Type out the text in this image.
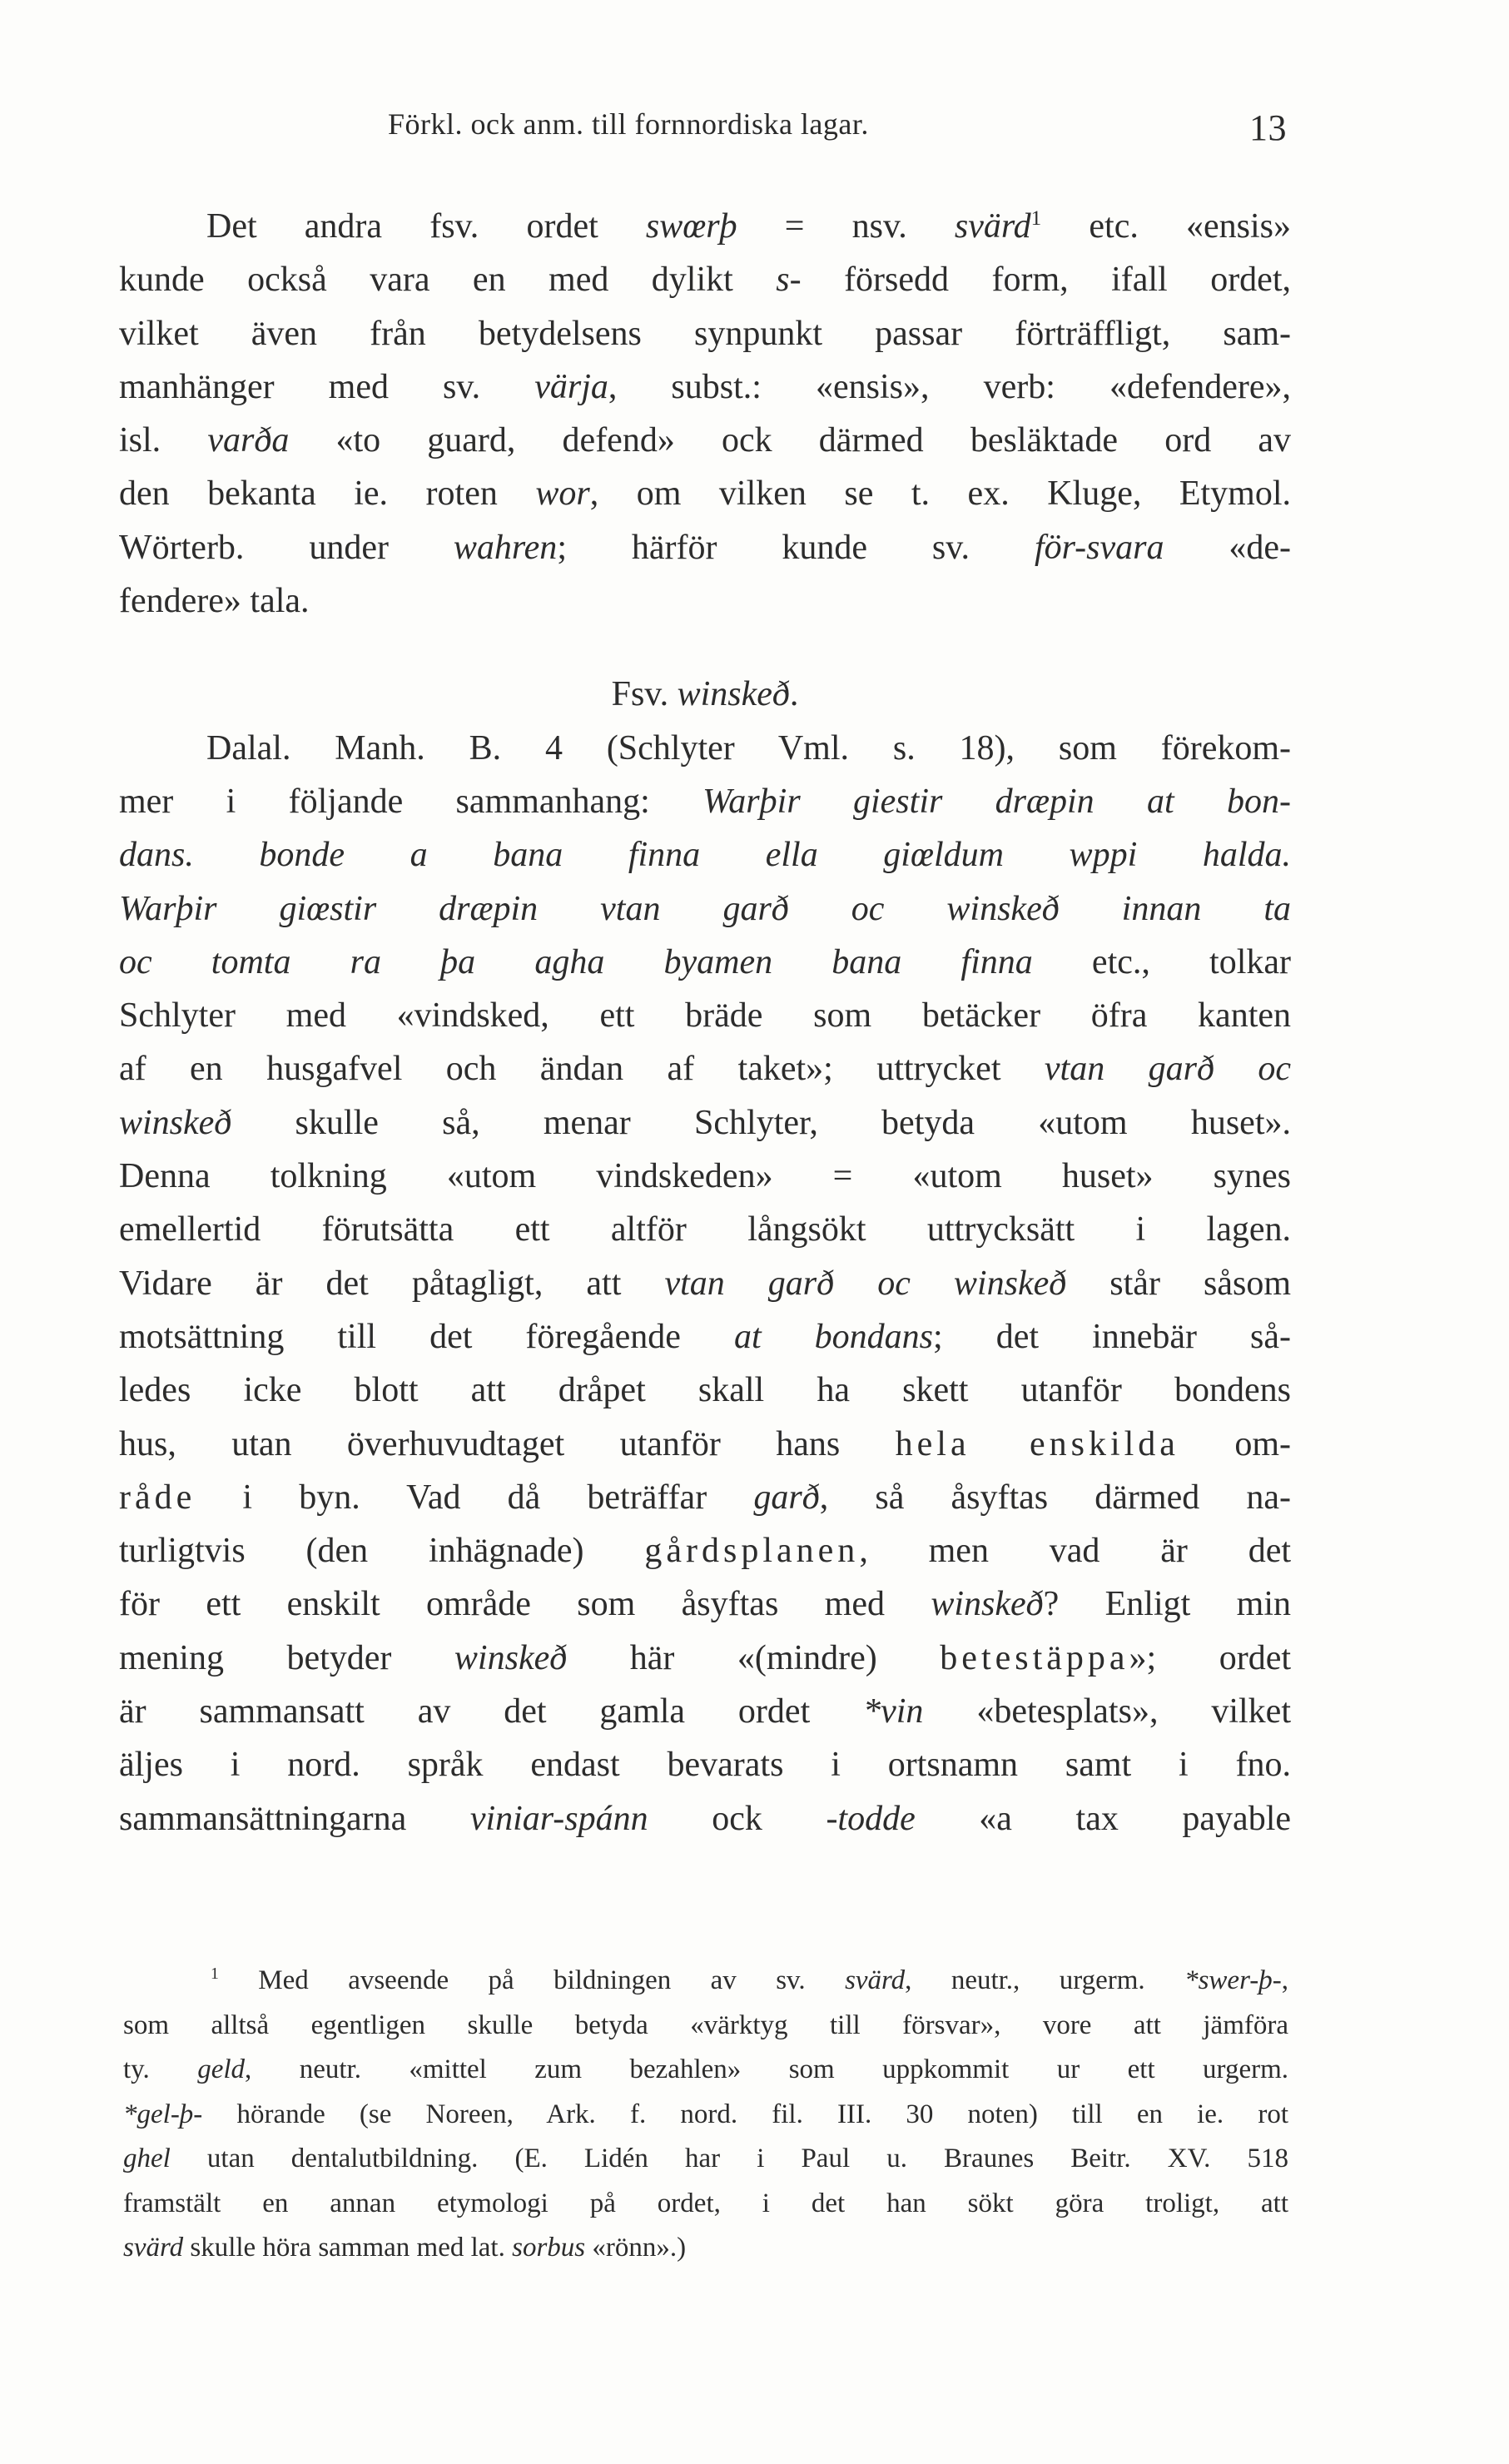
Förkl. ock anm. till fornnordiska lagar.	13
Det andra fsv. ordet swœrþ = nsv. svärd$^1$ etc. «ensis»
kunde också vara en med dylikt s- försedd form, ifall ordet,
vilket även från betydelsens synpunkt passar förträffligt, sam-
manhänger med sv. värja, subst.: «ensis», verb: «defendere»,
isl. varða «to guard, defend» ock därmed besläktade ord av
den bekanta ie. roten wor, om vilken se t. ex. Kluge, Etymol.
Wörterb. under wahren; härför kunde sv. för-svara «de-
fendere» tala.
Fsv. winskeð.
Dalal. Manh. B. 4 (Schlyter Vml. s. 18), som förekom-
mer i följande sammanhang: Warþir giestir dræpin at bon-
dans. bonde a bana finna ella giœldum wppi halda.
Warþir giœstir dræpin vtan garð oc winskeð innan ta
oc tomta ra þa agha byamen bana finna etc., tolkar
Schlyter med «vindsked, ett bräde som betäcker öfra kanten
af en husgafvel och ändan af taket»; uttrycket vtan garð oc
winskeð skulle så, menar Schlyter, betyda «utom huset».
Denna tolkning «utom vindskeden» = «utom huset» synes
emellertid förutsätta ett altför långsökt uttrycksätt i lagen.
Vidare är det påtagligt, att vtan garð oc winskeð står såsom
motsättning till det föregående at bondans; det innebär så-
ledes icke blott att dråpet skall ha skett utanför bondens
hus, utan överhuvudtaget utanför hans hela enskilda om-
råde i byn. Vad då beträffar garð, så åsyftas därmed na-
turligtvis (den inhägnade) gårdsplanen, men vad är det
för ett enskilt område som åsyftas med winskeð? Enligt min
mening betyder winskeð här «(mindre) betestäppa»; ordet
är sammansatt av det gamla ordet *vin «betesplats», vilket
äljes i nord. språk endast bevarats i ortsnamn samt i fno.
sammansättningarna viniar-spánn ock -todde «a tax payable
$^1$ Med avseende på bildningen av sv. svärd, neutr., urgerm. *swer-þ-,
som alltså egentligen skulle betyda «värktyg till försvar», vore att jämföra
ty. geld, neutr. «mittel zum bezahlen» som uppkommit ur ett urgerm.
*gel-þ- hörande (se Noreen, Ark. f. nord. fil. III. 30 noten) till en ie. rot
ghel utan dentalutbildning. (E. Lidén har i Paul u. Braunes Beitr. XV. 518
framstält en annan etymologi på ordet, i det han sökt göra troligt, att
svärd skulle höra samman med lat. sorbus «rönn».)
